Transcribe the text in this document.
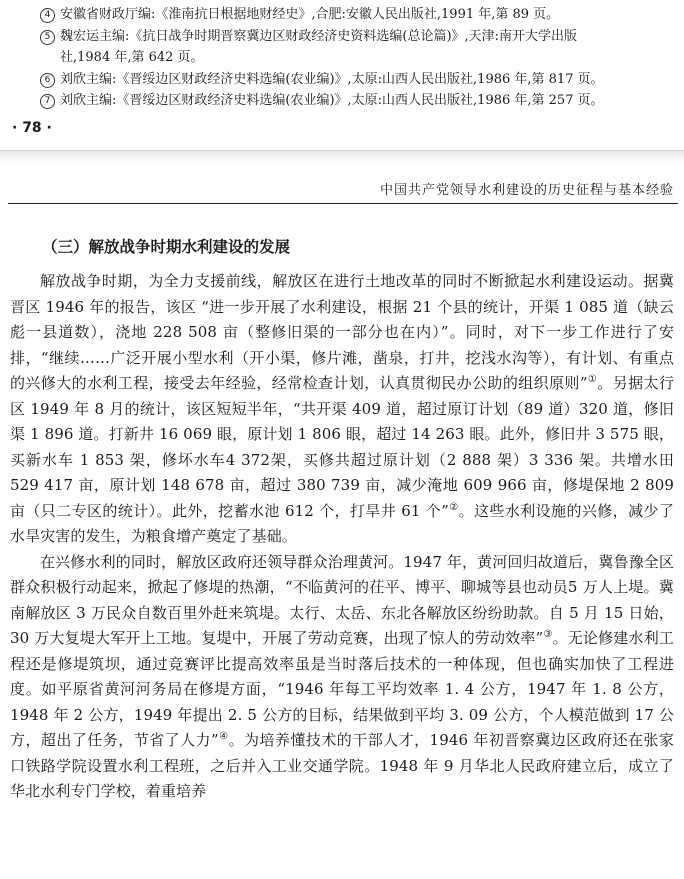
4 安徽省财政厅编:《淮南抗日根据地财经史》,合肥:安徽人民出版社,1991 年,第 89 页。
5 魏宏运主编:《抗日战争时期晋察冀边区财政经济史资料选编(总论篇)》,天津:南开大学出版
社,1984 年,第 642 页。
6 刘欣主编:《晋绥边区财政经济史料选编(农业编)》,太原:山西人民出版社,1986 年,第 817 页。
7 刘欣主编:《晋绥边区财政经济史料选编(农业编)》,太原:山西人民出版社,1986 年,第 257 页。
· 78 ·
中国共产党领导水利建设的历史征程与基本经验
（三）解放战争时期水利建设的发展

解放战争时期，为全力支援前线，解放区在进行土地改革的同时不断掀起水利建设运动。据冀晋区 1946 年的报告，该区 “进一步开展了水利建设，根据 21 个县的统计，开渠 1 085 道（缺云彪一县道数），浇地 228 508 亩（整修旧渠的一部分也在内）”。同时，对下一步工作进行了安排，“继续……广泛开展小型水利（开小渠，修片滩，凿泉，打井，挖浅水沟等），有计划、有重点的兴修大的水利工程，接受去年经验，经常检查计划，认真贯彻民办公助的组织原则”①。另据太行区 1949 年 8 月的统计，该区短短半年，“共开渠 409 道，超过原订计划（89 道）320 道，修旧渠 1 896 道。打新井 16 069 眼，原计划 1 806 眼，超过 14 263 眼。此外，修旧井 3 575 眼，买新水车 1 853 架，修坏水车4 372架，买修共超过原计划（2 888 架）3 336 架。共增水田 529 417 亩，原计划 148 678 亩，超过 380 739 亩，减少淹地 609 966 亩，修堤保地 2 809 亩（只二专区的统计）。此外，挖蓄水池 612 个，打旱井 61 个”②。这些水利设施的兴修，减少了水旱灾害的发生，为粮食增产奠定了基础。

在兴修水利的同时，解放区政府还领导群众治理黄河。1947 年，黄河回归故道后，冀鲁豫全区群众积极行动起来，掀起了修堤的热潮，“不临黄河的茌平、博平、聊城等县也动员5 万人上堤。冀南解放区 3 万民众自数百里外赶来筑堤。太行、太岳、东北各解放区纷纷助款。自 5 月 15 日始，30 万大复堤大军开上工地。复堤中，开展了劳动竞赛，出现了惊人的劳动效率”③。无论修建水利工程还是修堤筑坝，通过竞赛评比提高效率虽是当时落后技术的一种体现，但也确实加快了工程进度。如平原省黄河河务局在修堤方面，“1946 年每工平均效率 1. 4 公方，1947 年 1. 8 公方，1948 年 2 公方，1949 年提出 2. 5 公方的目标，结果做到平均 3. 09 公方，个人模范做到 17 公方，超出了任务，节省了人力”④。为培养懂技术的干部人才，1946 年初晋察冀边区政府还在张家口铁路学院设置水利工程班，之后并入工业交通学院。1948 年 9 月华北人民政府建立后，成立了华北水利专门学校，着重培养
